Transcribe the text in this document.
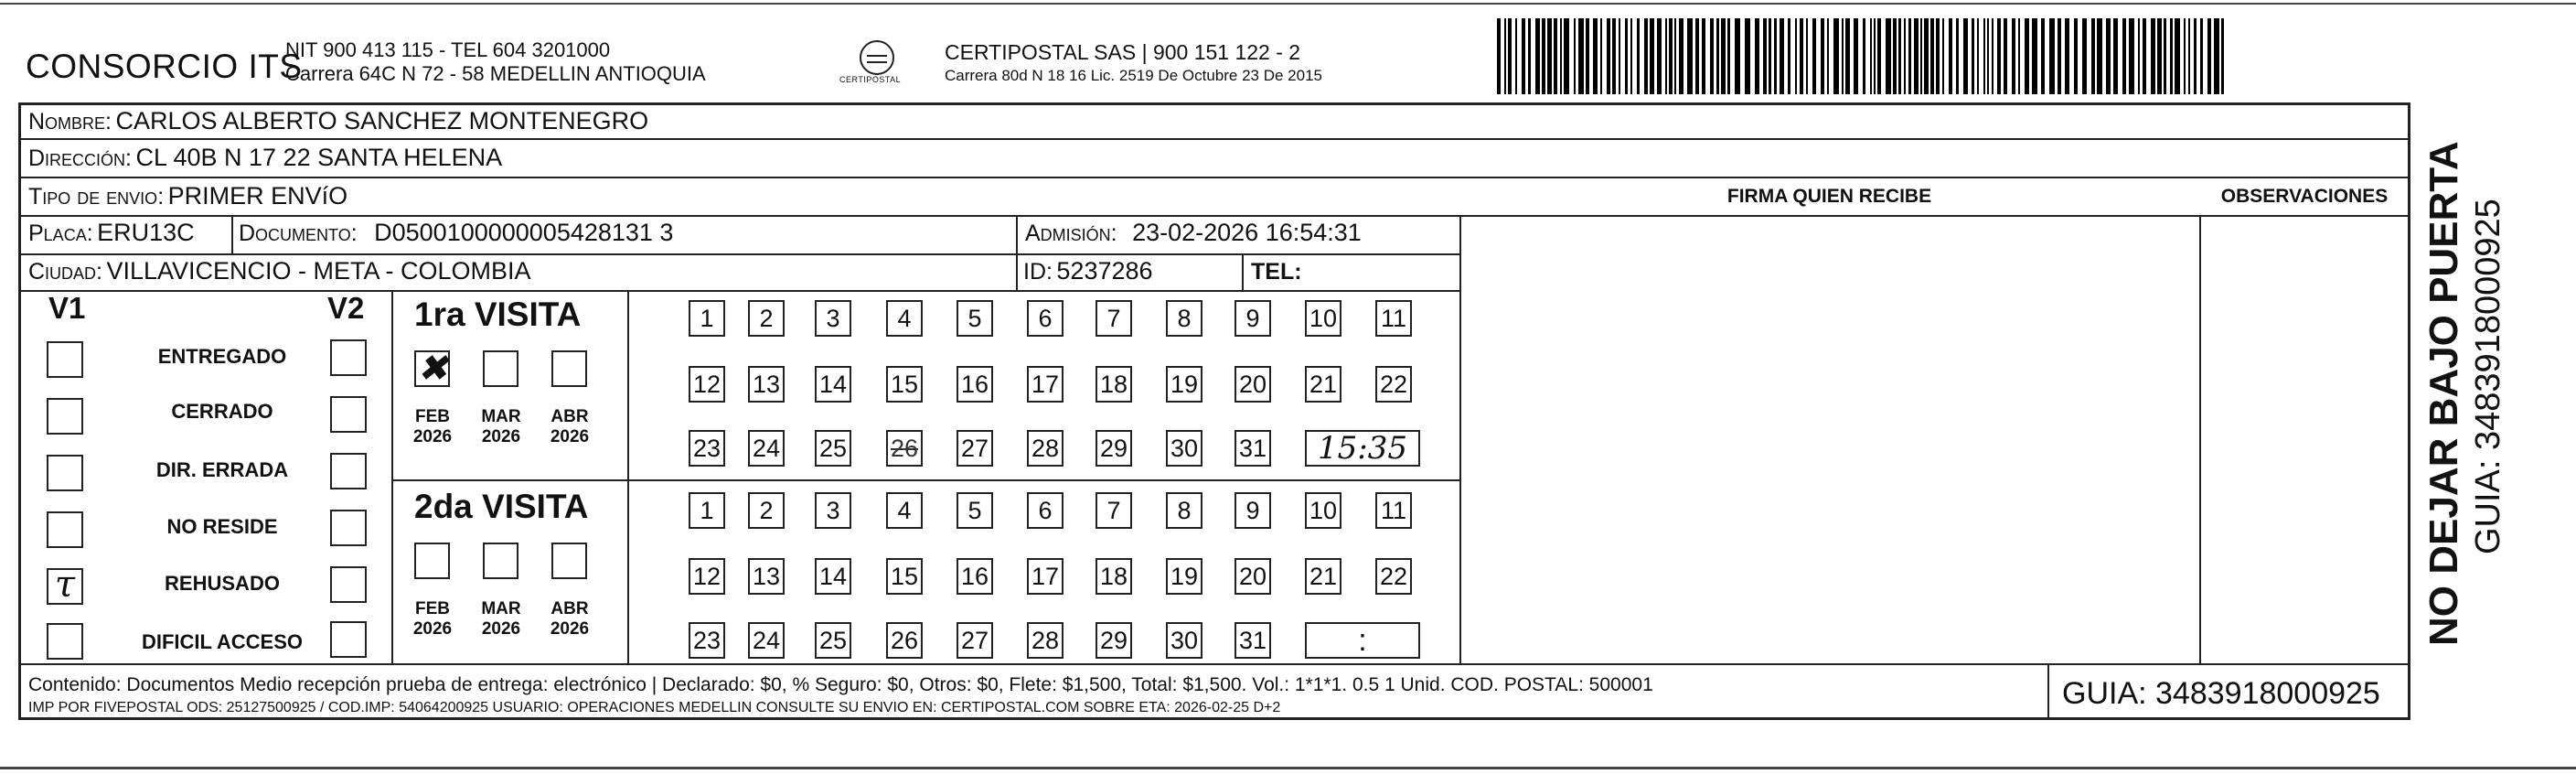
CONSORCIO ITS
NIT 900 413 115 - TEL 604 3201000
Carrera 64C N 72 - 58 MEDELLIN ANTIOQUIA	CERTIPOSTAL
CERTIPOSTAL SAS | 900 151 122 - 2
Carrera 80d N 18 16 Lic. 2519 De Octubre 23 De 2015
Nombre: CARLOS ALBERTO SANCHEZ MONTENEGRO
Dirección: CL 40B N 17 22 SANTA HELENA
Tipo de envio: PRIMER ENVíO	FIRMA QUIEN RECIBE	OBSERVACIONES
Placa: ERU13C Documento: D0500100000005428131 3	Admisión: 23-02-2026 16:54:31
Ciudad: VILLAVICENCIO - META - COLOMBIA	ID: 5237286	TEL:
V1	V2
ENTREGADO
CERRADO
DIR. ERRADA
NO RESIDE
τ	REHUSADO
DIFICIL ACCESO
1ra VISITA
2da VISITA
✖
FEB
2026
MAR
2026
ABR
2026
FEB
2026
MAR
2026
ABR
2026
1	2	3	4	5	6	7	8	9	10 11
12 13 14 15 16 17 18 19 20 21 22
23 24 25 26 27 28 29 30 31	15:35
1	2	3	4	5	6	7	8	9	10 11
12 13 14 15 16 17 18 19 20 21 22
23 24 25 26 27 28 29 30 31	:
Contenido: Documentos Medio recepción prueba de entrega: electrónico | Declarado: $0, % Seguro: $0, Otros: $0, Flete: $1,500, Total: $1,500. Vol.: 1*1*1. 0.5 1 Unid. COD. POSTAL: 500001
IMP POR FIVEPOSTAL ODS: 25127500925 / COD.IMP: 54064200925 USUARIO: OPERACIONES MEDELLIN CONSULTE SU ENVIO EN: CERTIPOSTAL.COM SOBRE ETA: 2026-02-25 D+2	GUIA: 3483918000925
NO DEJAR BAJO PUERTA GUIA: 3483918000925
